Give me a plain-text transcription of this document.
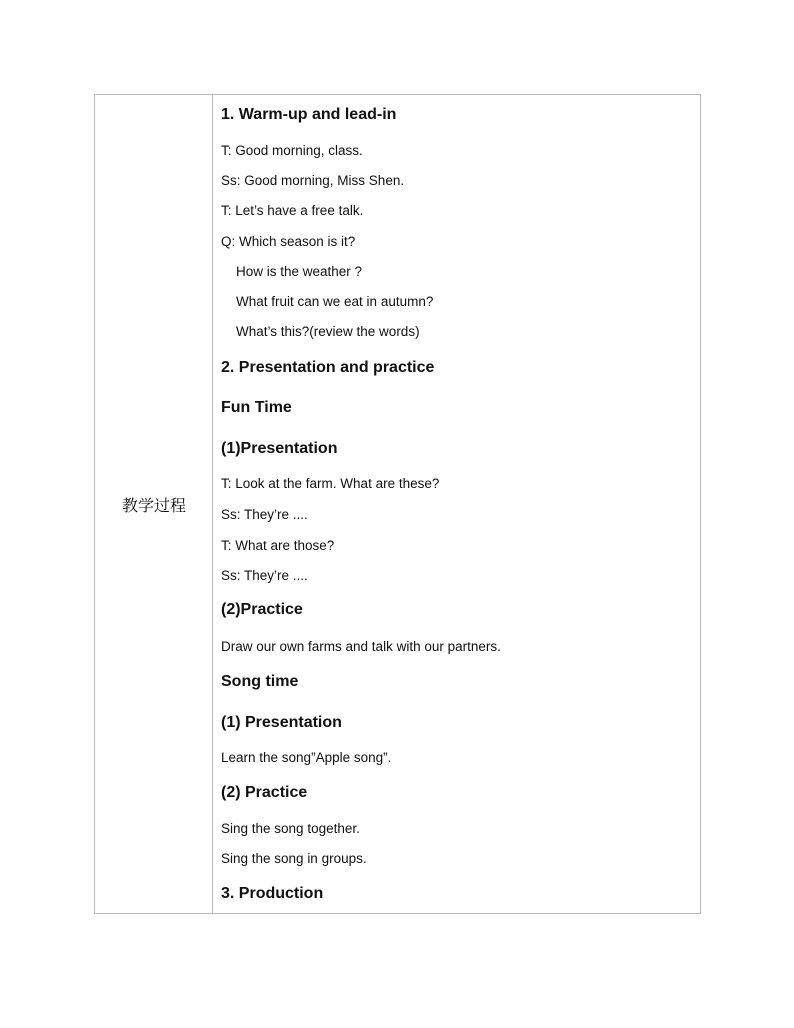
教学过程
1. Warm-up and lead-in
T: Good morning, class.
Ss: Good morning, Miss Shen.
T: Let’s have a free talk.
Q: Which season is it?
How is the weather ?
What fruit can we eat in autumn?
What’s this?(review the words)
2. Presentation and practice
Fun Time
(1)Presentation
T: Look at the farm. What are these?
Ss: They’re ....
T: What are those?
Ss: They’re ....
(2)Practice
Draw our own farms and talk with our partners.
Song time
(1) Presentation
Learn the song”Apple song”.
(2) Practice
Sing the song together.
Sing the song in groups.
3. Production
